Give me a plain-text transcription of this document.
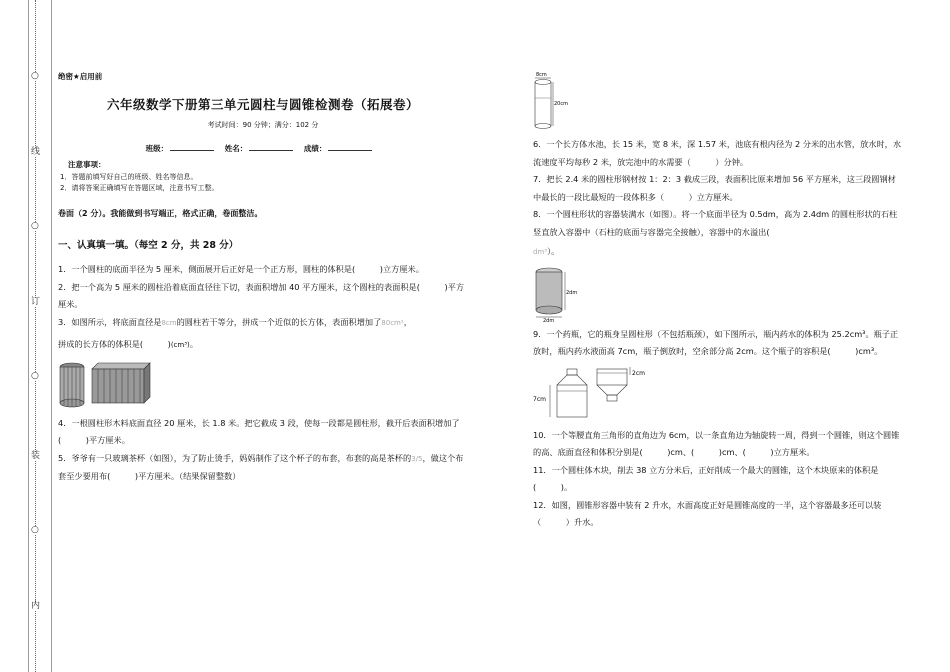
○
线
○
订
○
装
○
内
绝密★启用前
六年级数学下册第三单元圆柱与圆锥检测卷（拓展卷）
考试时间：90 分钟；满分：102 分
班级：	姓名：	成绩：
注意事项：
1．答题前填写好自己的班级、姓名等信息。
2．请将答案正确填写在答题区域，注意书写工整。
卷面（2 分）。我能做到书写端正，格式正确，卷面整洁。
一、认真填一填。（每空 2 分，共 28 分）
1．一个圆柱的底面半径为 5 厘米，侧面展开后正好是一个正方形，圆柱的体积是(　　　)立方厘米。
2．把一个高为 5 厘米的圆柱沿着底面直径往下切，表面积增加 40 平方厘米，这个圆柱的表面积是(　　　)平方厘米。
3．如图所示，将底面直径是8cm的圆柱若干等分，拼成一个近似的长方体，表面积增加了80cm²，
拼成的长方体的体积是(　　　)(cm³)。
4．一根圆柱形木料底面直径 20 厘米，长 1.8 米。把它截成 3 段，使每一段都是圆柱形，截开后表面积增加了(　　　)平方厘米。
5．爷爷有一只玻璃茶杯（如图），为了防止烫手，妈妈制作了这个杯子的布套，布套的高是茶杯的3/5，做这个布套至少要用布(　　　)平方厘米。（结果保留整数）
8cm
20cm
6．一个长方体水池，长 15 米，宽 8 米，深 1.57 米，池底有根内径为 2 分米的出水管，放水时，水流速度平均每秒 2 米，放完池中的水需要（　　　）分钟。
7．把长 2.4 米的圆柱形钢材按 1：2：3 截成三段，表面积比原来增加 56 平方厘米，这三段圆钢材中最长的一段比最短的一段体积多（　　　）立方厘米。
8．一个圆柱形状的容器装满水（如图）。将一个底面半径为 0.5dm，高为 2.4dm 的圆柱形状的石柱竖直放入容器中（石柱的底面与容器完全接触），容器中的水溢出(
dm³）。
2dm
2dm
9．一个药瓶，它的瓶身呈圆柱形（不包括瓶颈），如下图所示，瓶内药水的体积为 25.2cm³。瓶子正放时，瓶内药水液面高 7cm，瓶子倒放时，空余部分高 2cm。这个瓶子的容积是(　　　)cm³。
7cm
2cm
10．一个等腰直角三角形的直角边为 6cm，以一条直角边为轴旋转一周，得到一个圆锥，则这个圆锥的高、底面直径和体积分别是(　　　)cm、(　　　)cm、(　　　)立方厘米。
11．一个圆柱体木块，削去 38 立方分米后，正好削成一个最大的圆锥，这个木块原来的体积是(　　　)。
12．如图，圆锥形容器中装有 2 升水，水面高度正好是圆锥高度的一半，这个容器最多还可以装（　　　）升水。
